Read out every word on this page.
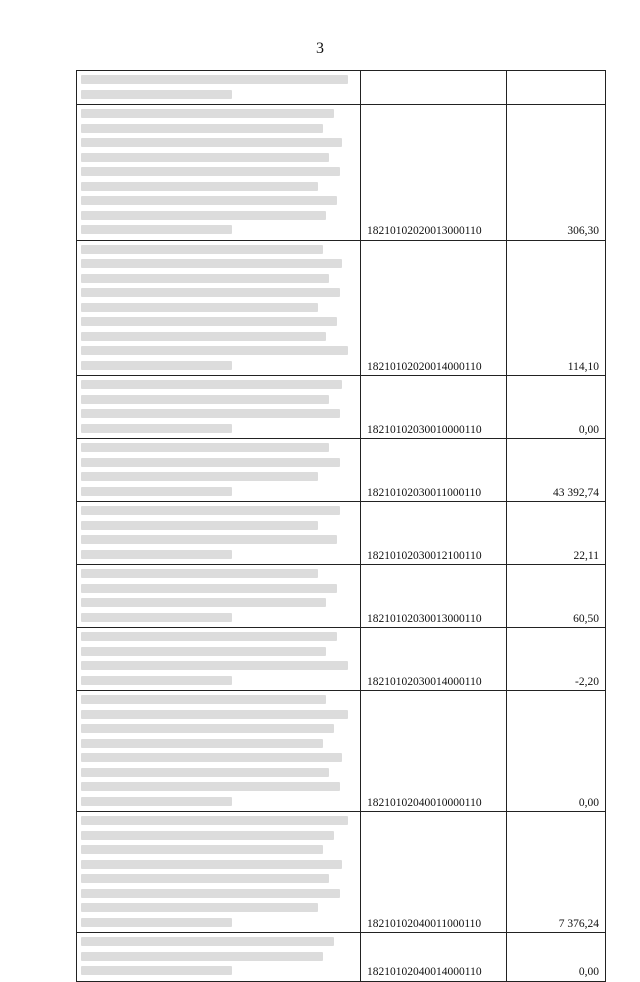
3

	18210102020013000110	306,30

	18210102020014000110	114,10

	18210102030010000110	0,00

	18210102030011000110	43 392,74

	18210102030012100110	22,11

	18210102030013000110	60,50

	18210102030014000110	-2,20

	18210102040010000110	0,00

	18210102040011000110	7 376,24

	18210102040014000110	0,00
